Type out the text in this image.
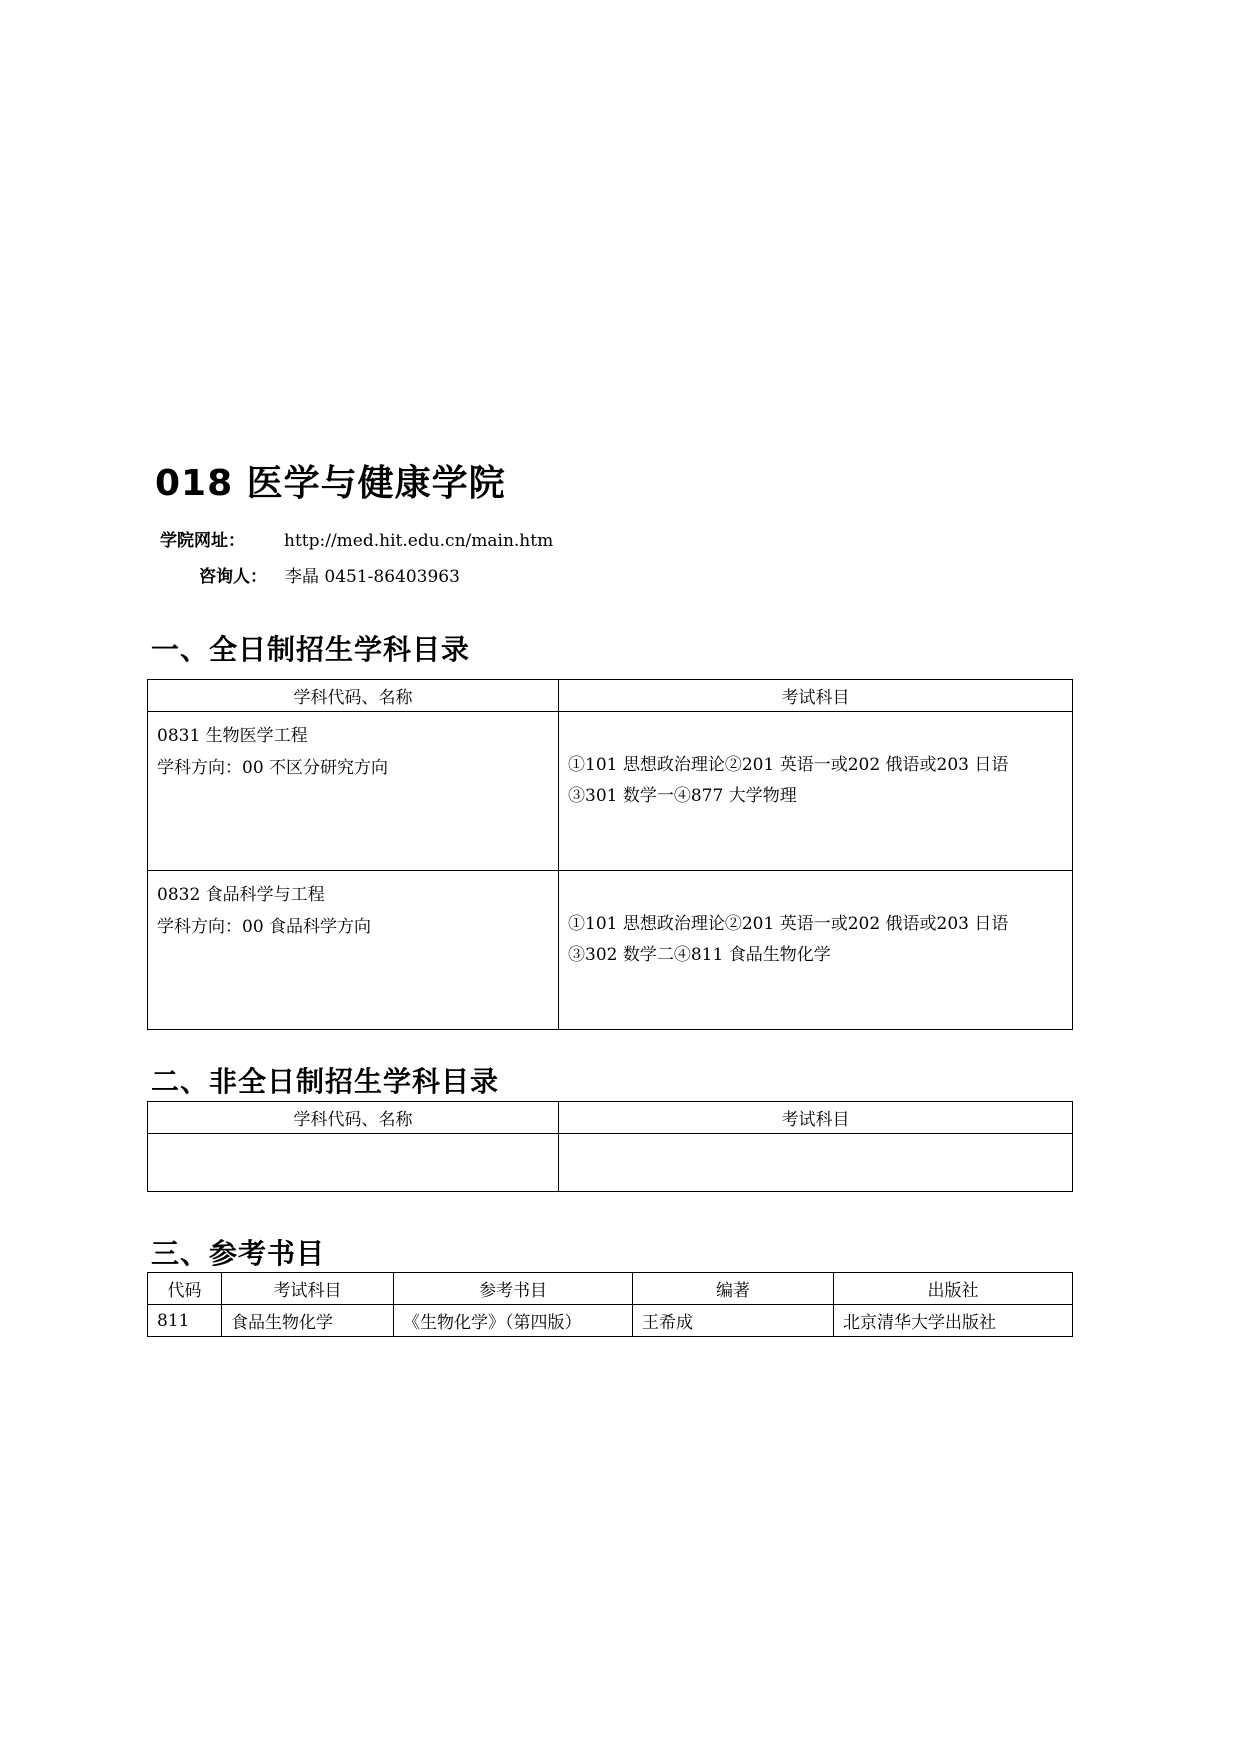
018 医学与健康学院
学院网址： http://med.hit.edu.cn/main.htm
咨询人： 李晶 0451-86403963
一、全日制招生学科目录
学科代码、名称	考试科目

0831 生物医学工程
学科方向：00 不区分研究方向	①101 思想政治理论②201 英语一或202 俄语或203 日语
③301 数学一④877 大学物理

0832 食品科学与工程
学科方向：00 食品科学方向	①101 思想政治理论②201 英语一或202 俄语或203 日语
③302 数学二④811 食品生物化学
二、非全日制招生学科目录
学科代码、名称	考试科目

三、参考书目
代码	考试科目	参考书目	编著	出版社
811	食品生物化学	《生物化学》（第四版）	王希成	北京清华大学出版社
